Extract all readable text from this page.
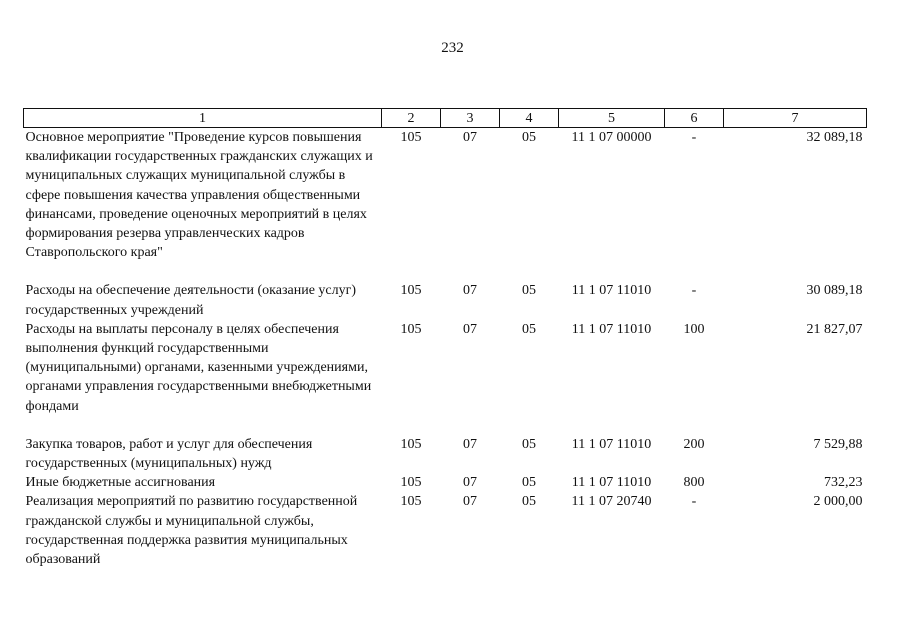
232
1	2	3	4	5	6	7
Основное мероприятие "Проведение курсов повышения квалификации государственных гражданских служащих и муниципальных служащих муниципальной службы в сфере повышения качества управления общественными финансами, проведение оценочных мероприятий в целях формирования резерва управленческих кадров Ставропольского края"	105	07	05	11 1 07 00000	-	32 089,18
Расходы на обеспечение деятельности (оказание услуг) государственных учреждений	105	07	05	11 1 07 11010	-	30 089,18
Расходы на выплаты персоналу в целях обеспечения выполнения функций государственными (муниципальными) органами, казенными учреждениями, органами управления государственными внебюджетными фондами	105	07	05	11 1 07 11010	100	21 827,07
Закупка товаров, работ и услуг для обеспечения государственных (муниципальных) нужд	105	07	05	11 1 07 11010	200	7 529,88
Иные бюджетные ассигнования	105	07	05	11 1 07 11010	800	732,23
Реализация мероприятий по развитию государственной гражданской службы и муниципальной службы, государственная поддержка развития муниципальных образований	105	07	05	11 1 07 20740	-	2 000,00
